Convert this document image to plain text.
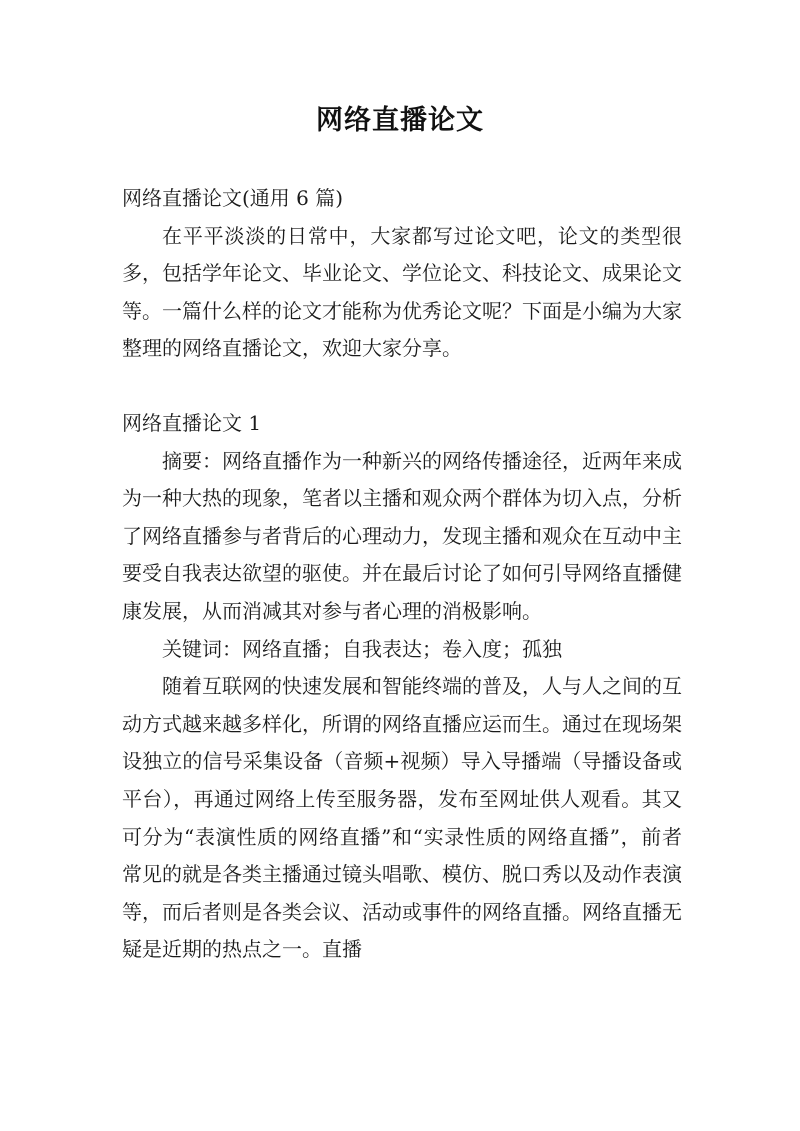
网络直播论文

网络直播论文(通用 6 篇)

在平平淡淡的日常中，大家都写过论文吧，论文的类型很多，包括学年论文、毕业论文、学位论文、科技论文、成果论文等。一篇什么样的论文才能称为优秀论文呢？下面是小编为大家整理的网络直播论文，欢迎大家分享。

网络直播论文 1

摘要：网络直播作为一种新兴的网络传播途径，近两年来成为一种大热的现象，笔者以主播和观众两个群体为切入点，分析了网络直播参与者背后的心理动力，发现主播和观众在互动中主要受自我表达欲望的驱使。并在最后讨论了如何引导网络直播健康发展，从而消减其对参与者心理的消极影响。

关键词：网络直播；自我表达；卷入度；孤独

随着互联网的快速发展和智能终端的普及，人与人之间的互动方式越来越多样化，所谓的网络直播应运而生。通过在现场架设独立的信号采集设备（音频+视频）导入导播端（导播设备或平台），再通过网络上传至服务器，发布至网址供人观看。其又可分为“表演性质的网络直播”和“实录性质的网络直播”，前者常见的就是各类主播通过镜头唱歌、模仿、脱口秀以及动作表演等，而后者则是各类会议、活动或事件的网络直播。网络直播无疑是近期的热点之一。直播
